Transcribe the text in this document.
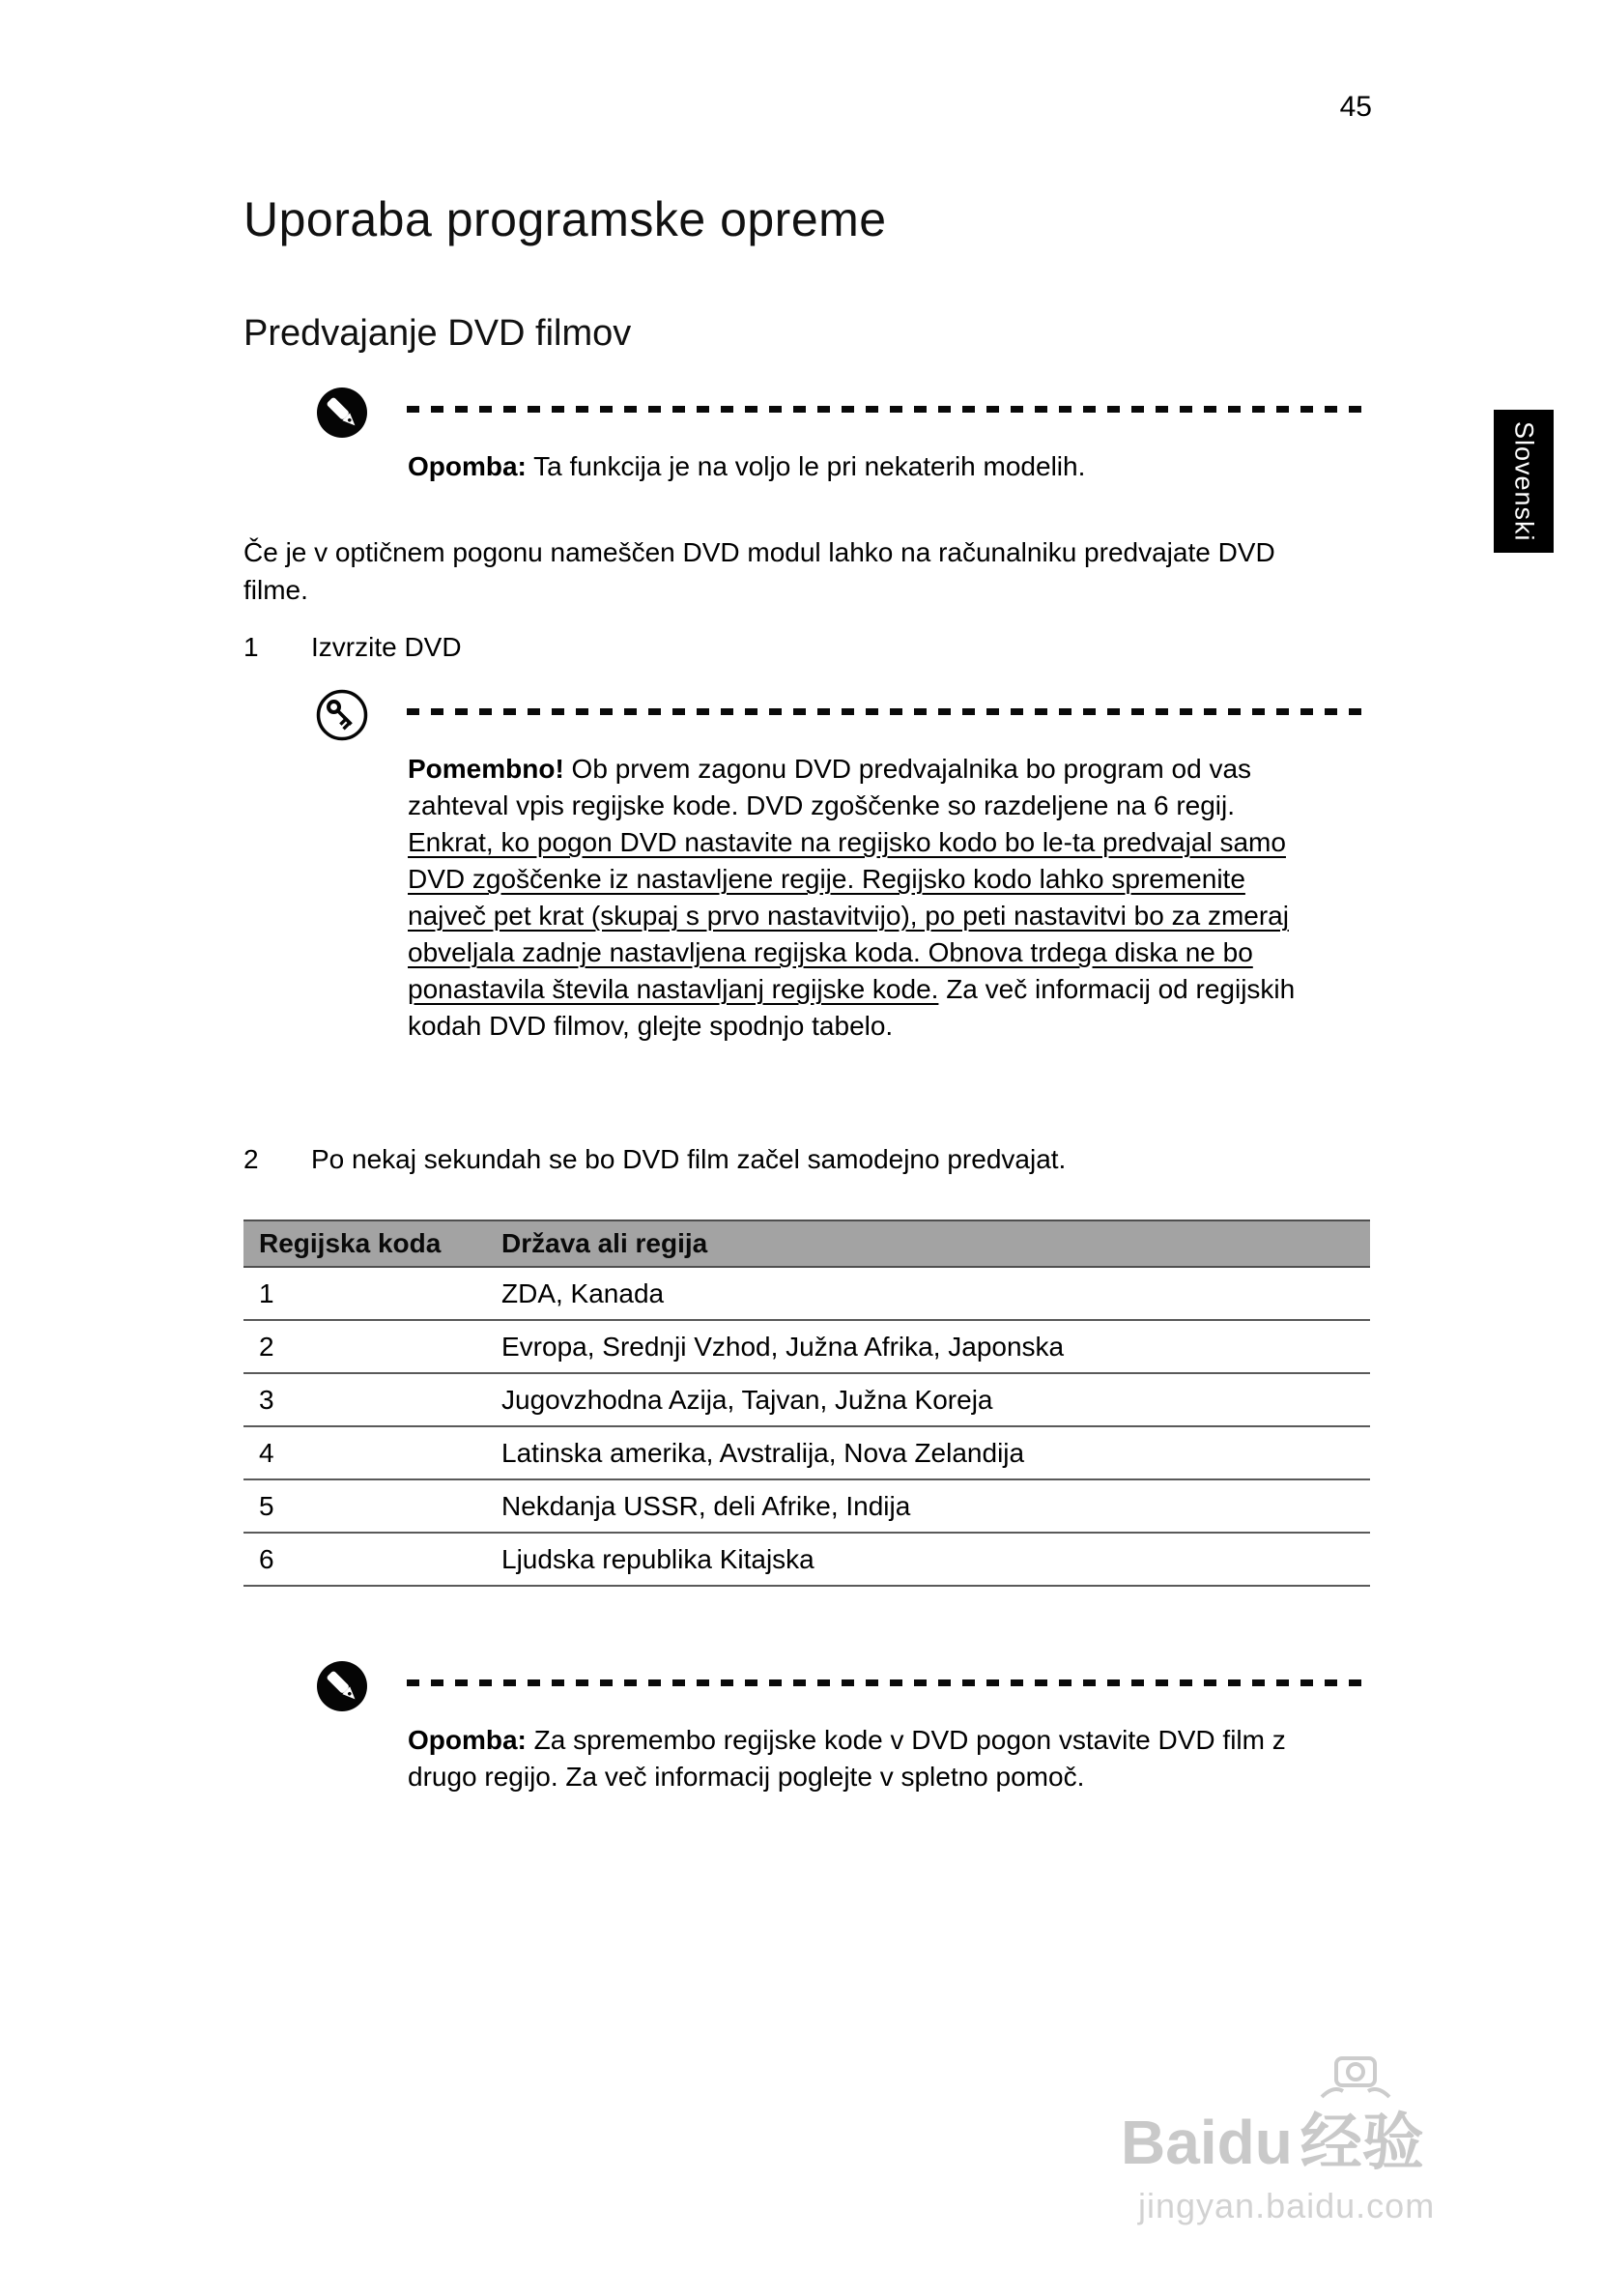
45
Uporaba programske opreme
Predvajanje DVD filmov

Opomba: Ta funkcija je na voljo le pri nekaterih modelih.

Če je v optičnem pogonu nameščen DVD modul lahko na računalniku predvajate DVD filme.

1 Izvrzite DVD

Pomembno! Ob prvem zagonu DVD predvajalnika bo program od vas zahteval vpis regijske kode. DVD zgoščenke so razdeljene na 6 regij. Enkrat, ko pogon DVD nastavite na regijsko kodo bo le-ta predvajal samo DVD zgoščenke iz nastavljene regije. Regijsko kodo lahko spremenite največ pet krat (skupaj s prvo nastavitvijo), po peti nastavitvi bo za zmeraj obveljala zadnje nastavljena regijska koda. Obnova trdega diska ne bo ponastavila števila nastavljanj regijske kode. Za več informacij od regijskih kodah DVD filmov, glejte spodnjo tabelo.

2 Po nekaj sekundah se bo DVD film začel samodejno predvajat.
Regijska koda	Država ali regija
1	ZDA, Kanada
2	Evropa, Srednji Vzhod, Južna Afrika, Japonska
3	Jugovzhodna Azija, Tajvan, Južna Koreja
4	Latinska amerika, Avstralija, Nova Zelandija
5	Nekdanja USSR, deli Afrike, Indija
6	Ljudska republika Kitajska

Opomba: Za spremembo regijske kode v DVD pogon vstavite DVD film z drugo regijo. Za več informacij poglejte v spletno pomoč.

Slovenski
Baidu 经验
jingyan.baidu.com
